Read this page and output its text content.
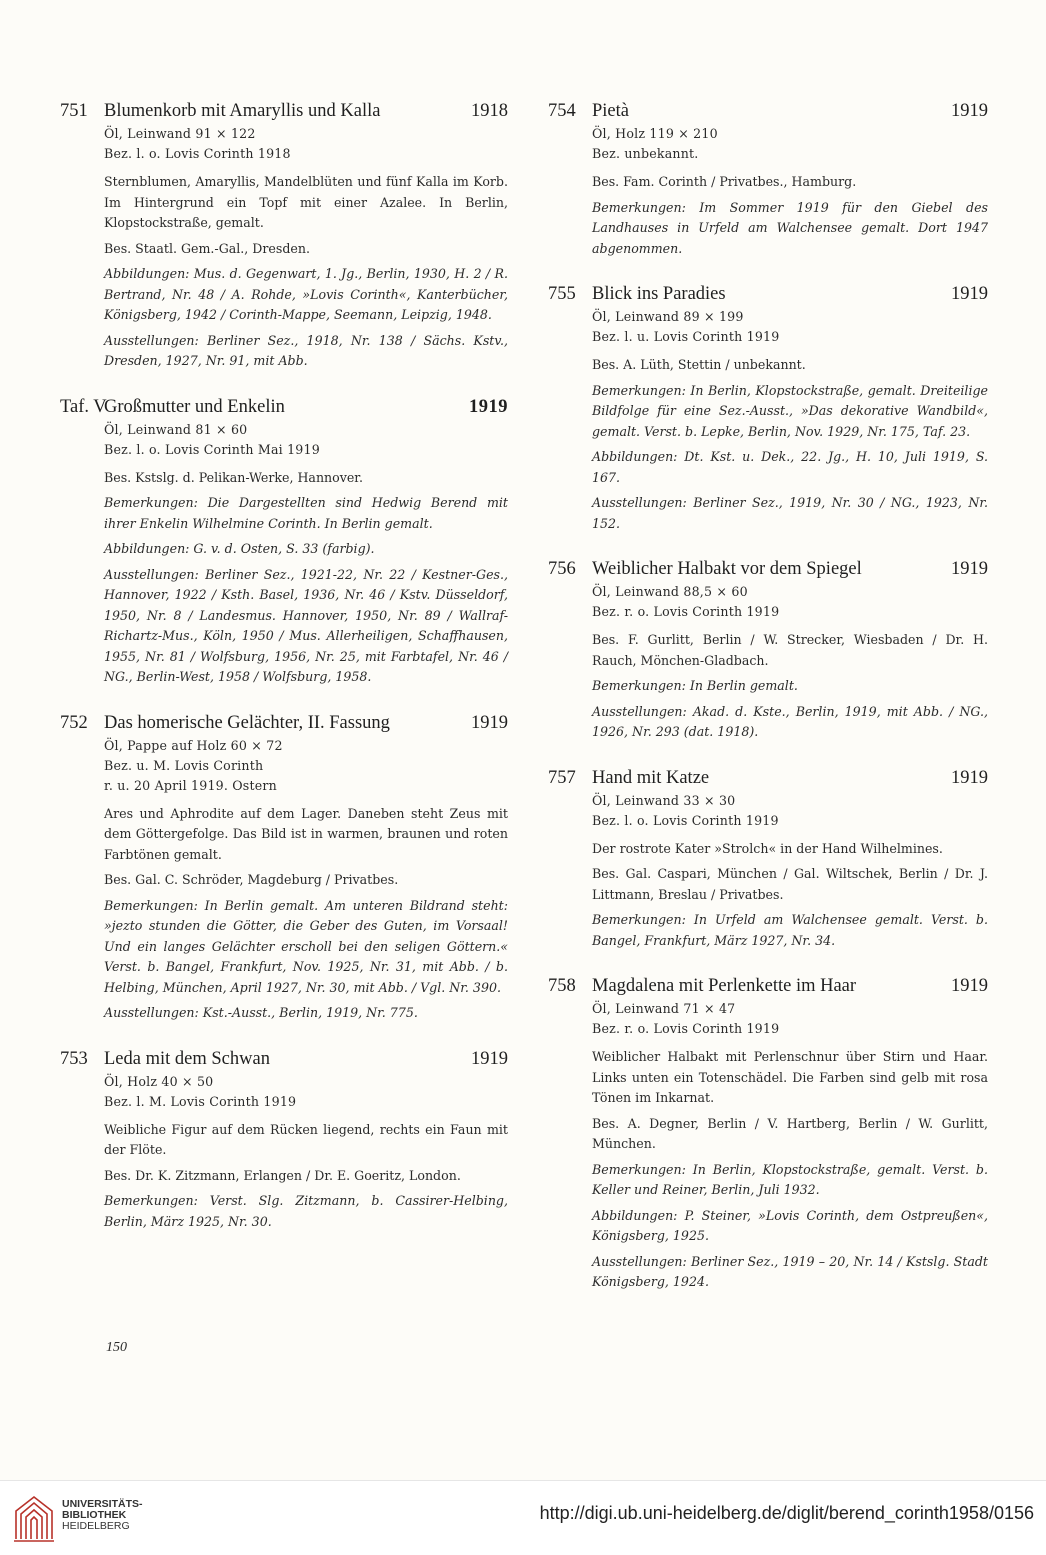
751 Blumenkorb mit Amaryllis und Kalla	1918
Öl, Leinwand 91 × 122
Bez. l. o. Lovis Corinth 1918

Sternblumen, Amaryllis, Mandelblüten und fünf Kalla im Korb. Im Hintergrund ein Topf mit einer Azalee. In Berlin, Klopstockstraße, gemalt.

Bes. Staatl. Gem.-Gal., Dresden.

Abbildungen: Mus. d. Gegenwart, 1. Jg., Berlin, 1930, H. 2 / R. Bertrand, Nr. 48 / A. Rohde, »Lovis Corinth«, Kanterbücher, Königsberg, 1942 / Corinth-Mappe, Seemann, Leipzig, 1948.

Ausstellungen: Berliner Sez., 1918, Nr. 138 / Sächs. Kstv., Dresden, 1927, Nr. 91, mit Abb.

Taf. V
Großmutter und Enkelin	1919
Öl, Leinwand 81 × 60
Bez. l. o. Lovis Corinth Mai 1919

Bes. Kstslg. d. Pelikan-Werke, Hannover.

Bemerkungen: Die Dargestellten sind Hedwig Berend mit ihrer Enkelin Wilhelmine Corinth. In Berlin gemalt.

Abbildungen: G. v. d. Osten, S. 33 (farbig).

Ausstellungen: Berliner Sez., 1921-22, Nr. 22 / Kestner-Ges., Hannover, 1922 / Ksth. Basel, 1936, Nr. 46 / Kstv. Düsseldorf, 1950, Nr. 8 / Landesmus. Hannover, 1950, Nr. 89 / Wallraf-Richartz-Mus., Köln, 1950 / Mus. Allerheiligen, Schaffhausen, 1955, Nr. 81 / Wolfsburg, 1956, Nr. 25, mit Farbtafel, Nr. 46 / NG., Berlin-West, 1958 / Wolfsburg, 1958.

752 Das homerische Gelächter, II. Fassung	1919
Öl, Pappe auf Holz 60 × 72
Bez. u. M. Lovis Corinth
r. u. 20 April 1919. Ostern

Ares und Aphrodite auf dem Lager. Daneben steht Zeus mit dem Göttergefolge. Das Bild ist in warmen, braunen und roten Farbtönen gemalt.

Bes. Gal. C. Schröder, Magdeburg / Privatbes.

Bemerkungen: In Berlin gemalt. Am unteren Bildrand steht: »jezto stunden die Götter, die Geber des Guten, im Vorsaal! Und ein langes Gelächter erscholl bei den seligen Göttern.« Verst. b. Bangel, Frankfurt, Nov. 1925, Nr. 31, mit Abb. / b. Helbing, München, April 1927, Nr. 30, mit Abb. / Vgl. Nr. 390.

Ausstellungen: Kst.-Ausst., Berlin, 1919, Nr. 775.

753 Leda mit dem Schwan	1919
Öl, Holz 40 × 50
Bez. l. M. Lovis Corinth 1919

Weibliche Figur auf dem Rücken liegend, rechts ein Faun mit der Flöte.

Bes. Dr. K. Zitzmann, Erlangen / Dr. E. Goeritz, London.

Bemerkungen: Verst. Slg. Zitzmann, b. Cassirer-Helbing, Berlin, März 1925, Nr. 30.

754 Pietà	1919
Öl, Holz 119 × 210
Bez. unbekannt.

Bes. Fam. Corinth / Privatbes., Hamburg.

Bemerkungen: Im Sommer 1919 für den Giebel des Landhauses in Urfeld am Walchensee gemalt. Dort 1947 abgenommen.

755 Blick ins Paradies	1919
Öl, Leinwand 89 × 199
Bez. l. u. Lovis Corinth 1919

Bes. A. Lüth, Stettin / unbekannt.

Bemerkungen: In Berlin, Klopstockstraße, gemalt. Dreiteilige Bildfolge für eine Sez.-Ausst., »Das dekorative Wandbild«, gemalt. Verst. b. Lepke, Berlin, Nov. 1929, Nr. 175, Taf. 23.

Abbildungen: Dt. Kst. u. Dek., 22. Jg., H. 10, Juli 1919, S. 167.

Ausstellungen: Berliner Sez., 1919, Nr. 30 / NG., 1923, Nr. 152.

756 Weiblicher Halbakt vor dem Spiegel	1919
Öl, Leinwand 88,5 × 60
Bez. r. o. Lovis Corinth 1919

Bes. F. Gurlitt, Berlin / W. Strecker, Wiesbaden / Dr. H. Rauch, Mönchen-Gladbach.

Bemerkungen: In Berlin gemalt.

Ausstellungen: Akad. d. Kste., Berlin, 1919, mit Abb. / NG., 1926, Nr. 293 (dat. 1918).

757 Hand mit Katze	1919
Öl, Leinwand 33 × 30
Bez. l. o. Lovis Corinth 1919

Der rostrote Kater »Strolch« in der Hand Wilhelmines.

Bes. Gal. Caspari, München / Gal. Wiltschek, Berlin / Dr. J. Littmann, Breslau / Privatbes.

Bemerkungen: In Urfeld am Walchensee gemalt. Verst. b. Bangel, Frankfurt, März 1927, Nr. 34.

758 Magdalena mit Perlenkette im Haar	1919
Öl, Leinwand 71 × 47
Bez. r. o. Lovis Corinth 1919

Weiblicher Halbakt mit Perlenschnur über Stirn und Haar. Links unten ein Totenschädel. Die Farben sind gelb mit rosa Tönen im Inkarnat.

Bes. A. Degner, Berlin / V. Hartberg, Berlin / W. Gurlitt, München.

Bemerkungen: In Berlin, Klopstockstraße, gemalt. Verst. b. Keller und Reiner, Berlin, Juli 1932.

Abbildungen: P. Steiner, »Lovis Corinth, dem Ostpreußen«, Königsberg, 1925.

Ausstellungen: Berliner Sez., 1919 – 20, Nr. 14 / Kstslg. Stadt Königsberg, 1924.

150
UNIVERSITÄTS-
BIBLIOTHEK
HEIDELBERG
http://digi.ub.uni-heidelberg.de/diglit/berend_corinth1958/0156
